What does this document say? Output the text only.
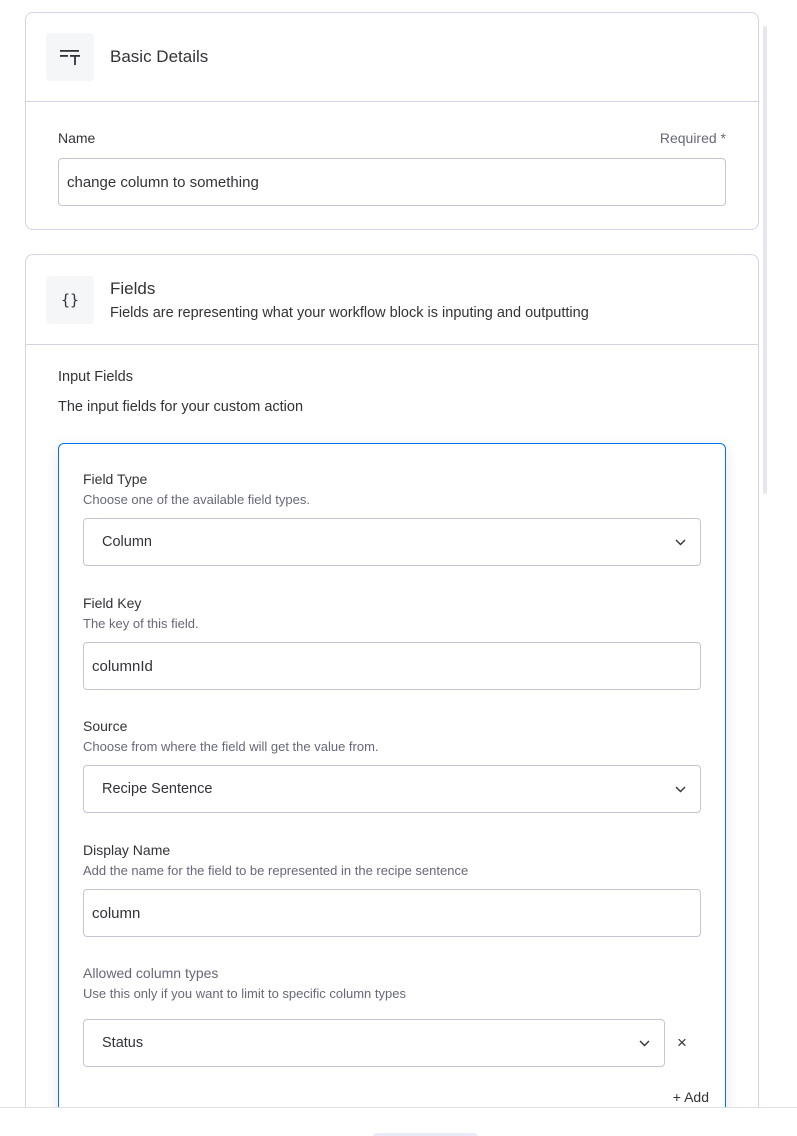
Basic Details
Name	Required *
change column to something
{}
Fields
Fields are representing what your workflow block is inputing and outputting
Input Fields
The input fields for your custom action
Field Type
Choose one of the available field types.
Column
Field Key
The key of this field.
columnId
Source
Choose from where the field will get the value from.
Recipe Sentence
Display Name
Add the name for the field to be represented in the recipe sentence
column
Allowed column types
Use this only if you want to limit to specific column types
Status	×
+ Add
